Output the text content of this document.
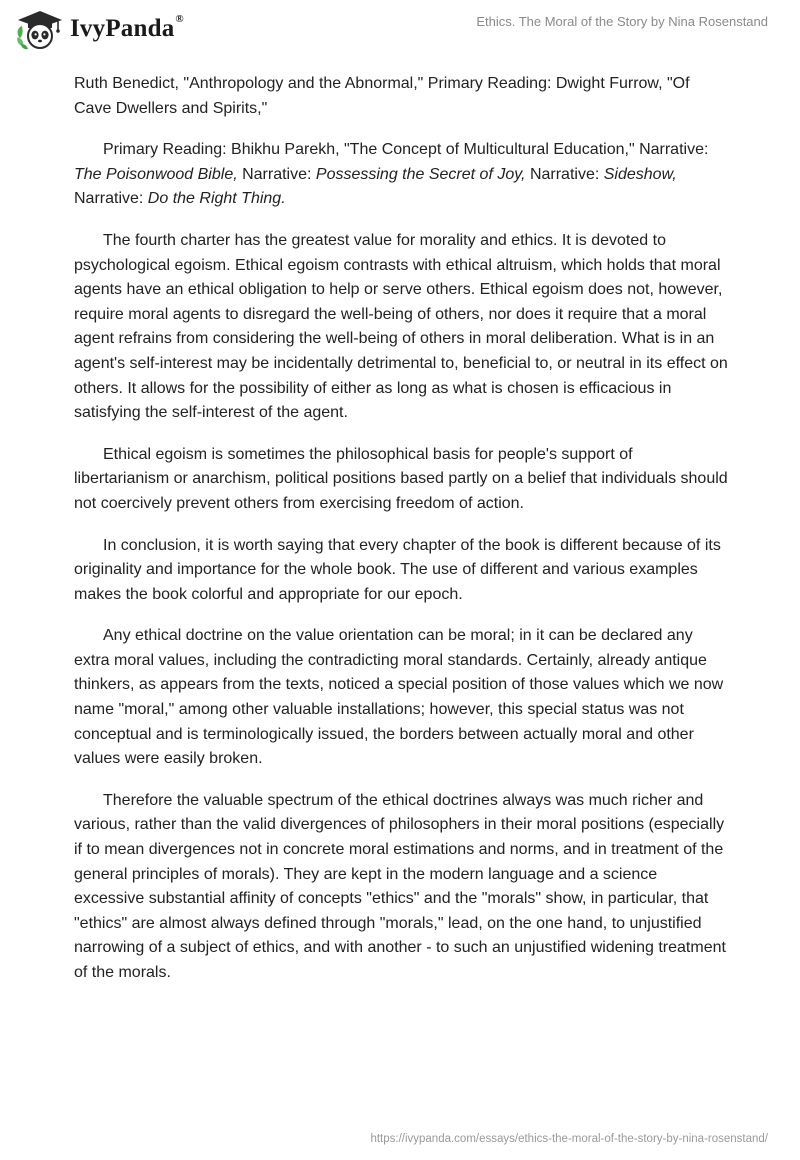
IvyPanda®	Ethics. The Moral of the Story by Nina Rosenstand

Ruth Benedict, "Anthropology and the Abnormal," Primary Reading: Dwight Furrow, "Of Cave Dwellers and Spirits,"

Primary Reading: Bhikhu Parekh, "The Concept of Multicultural Education," Narrative: The Poisonwood Bible, Narrative: Possessing the Secret of Joy, Narrative: Sideshow, Narrative: Do the Right Thing.

The fourth charter has the greatest value for morality and ethics. It is devoted to psychological egoism. Ethical egoism contrasts with ethical altruism, which holds that moral agents have an ethical obligation to help or serve others. Ethical egoism does not, however, require moral agents to disregard the well-being of others, nor does it require that a moral agent refrains from considering the well-being of others in moral deliberation. What is in an agent's self-interest may be incidentally detrimental to, beneficial to, or neutral in its effect on others. It allows for the possibility of either as long as what is chosen is efficacious in satisfying the self-interest of the agent.

Ethical egoism is sometimes the philosophical basis for people's support of libertarianism or anarchism, political positions based partly on a belief that individuals should not coercively prevent others from exercising freedom of action.

In conclusion, it is worth saying that every chapter of the book is different because of its originality and importance for the whole book. The use of different and various examples makes the book colorful and appropriate for our epoch.

Any ethical doctrine on the value orientation can be moral; in it can be declared any extra moral values, including the contradicting moral standards. Certainly, already antique thinkers, as appears from the texts, noticed a special position of those values which we now name "moral," among other valuable installations; however, this special status was not conceptual and is terminologically issued, the borders between actually moral and other values were easily broken.

Therefore the valuable spectrum of the ethical doctrines always was much richer and various, rather than the valid divergences of philosophers in their moral positions (especially if to mean divergences not in concrete moral estimations and norms, and in treatment of the general principles of morals). They are kept in the modern language and a science excessive substantial affinity of concepts "ethics" and the "morals" show, in particular, that "ethics" are almost always defined through "morals," lead, on the one hand, to unjustified narrowing of a subject of ethics, and with another - to such an unjustified widening treatment of the morals.

https://ivypanda.com/essays/ethics-the-moral-of-the-story-by-nina-rosenstand/
